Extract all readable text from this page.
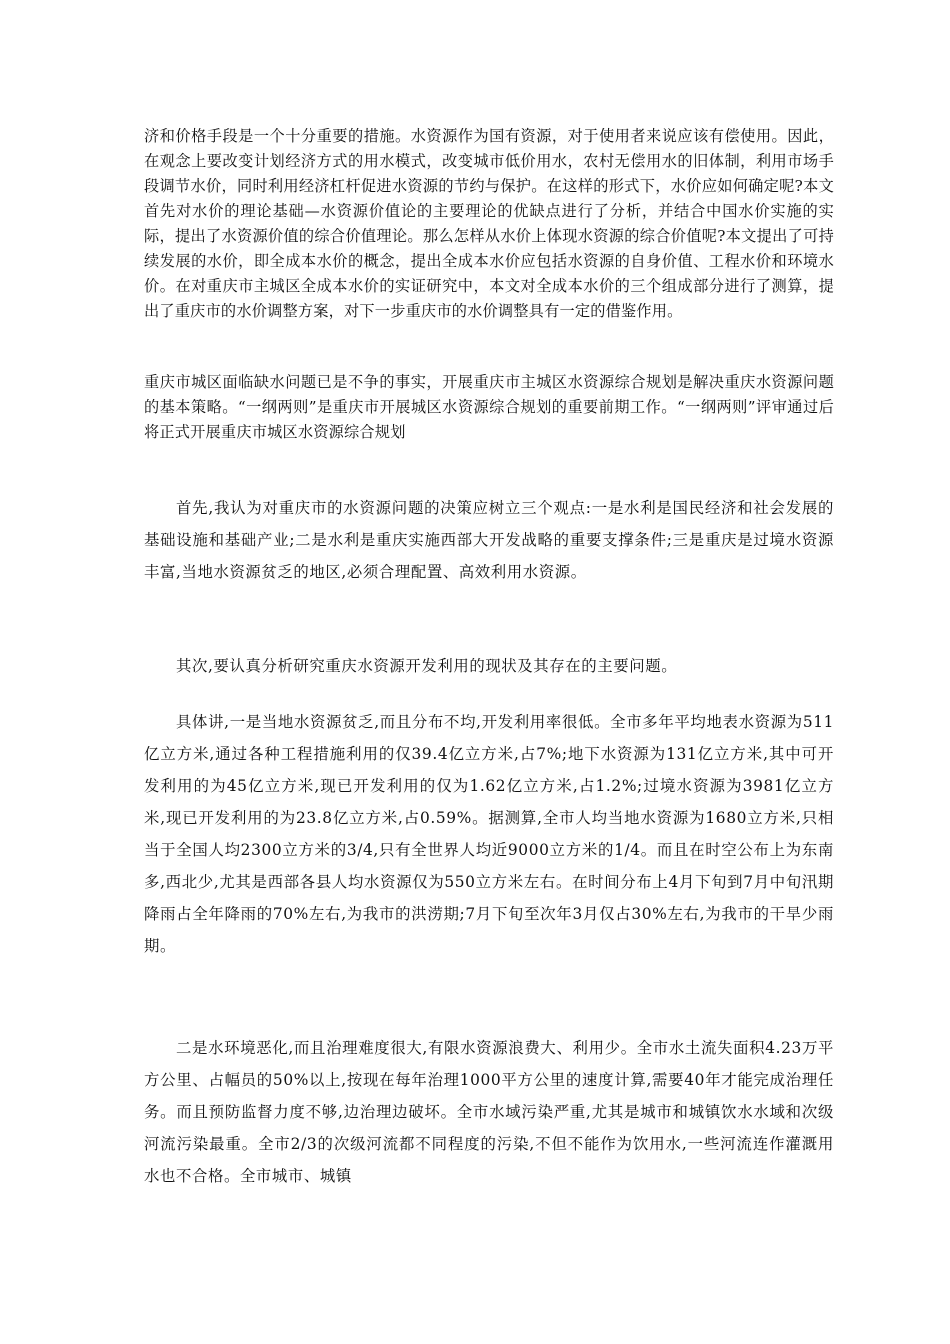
济和价格手段是一个十分重要的措施。水资源作为国有资源，对于使用者来说应该有偿使用。因此，在观念上要改变计划经济方式的用水模式，改变城市低价用水，农村无偿用水的旧体制，利用市场手段调节水价，同时利用经济杠杆促进水资源的节约与保护。在这样的形式下，水价应如何确定呢?本文首先对水价的理论基础—水资源价值论的主要理论的优缺点进行了分析，并结合中国水价实施的实际，提出了水资源价值的综合价值理论。那么怎样从水价上体现水资源的综合价值呢?本文提出了可持续发展的水价，即全成本水价的概念，提出全成本水价应包括水资源的自身价值、工程水价和环境水价。在对重庆市主城区全成本水价的实证研究中，本文对全成本水价的三个组成部分进行了测算，提出了重庆市的水价调整方案，对下一步重庆市的水价调整具有一定的借鉴作用。

重庆市城区面临缺水问题已是不争的事实，开展重庆市主城区水资源综合规划是解决重庆水资源问题的基本策略。“一纲两则”是重庆市开展城区水资源综合规划的重要前期工作。“一纲两则”评审通过后将正式开展重庆市城区水资源综合规划

首先,我认为对重庆市的水资源问题的决策应树立三个观点:一是水利是国民经济和社会发展的基础设施和基础产业;二是水利是重庆实施西部大开发战略的重要支撑条件;三是重庆是过境水资源丰富,当地水资源贫乏的地区,必须合理配置、高效利用水资源。

其次,要认真分析研究重庆水资源开发利用的现状及其存在的主要问题。

具体讲,一是当地水资源贫乏,而且分布不均,开发利用率很低。全市多年平均地表水资源为511亿立方米,通过各种工程措施利用的仅39.4亿立方米,占7%;地下水资源为131亿立方米,其中可开发利用的为45亿立方米,现已开发利用的仅为1.62亿立方米,占1.2%;过境水资源为3981亿立方米,现已开发利用的为23.8亿立方米,占0.59%。据测算,全市人均当地水资源为1680立方米,只相当于全国人均2300立方米的3/4,只有全世界人均近9000立方米的1/4。而且在时空公布上为东南多,西北少,尤其是西部各县人均水资源仅为550立方米左右。在时间分布上4月下旬到7月中旬汛期降雨占全年降雨的70%左右,为我市的洪涝期;7月下旬至次年3月仅占30%左右,为我市的干旱少雨期。

二是水环境恶化,而且治理难度很大,有限水资源浪费大、利用少。全市水土流失面积4.23万平方公里、占幅员的50%以上,按现在每年治理1000平方公里的速度计算,需要40年才能完成治理任务。而且预防监督力度不够,边治理边破坏。全市水域污染严重,尤其是城市和城镇饮水水域和次级河流污染最重。全市2/3的次级河流都不同程度的污染,不但不能作为饮用水,一些河流连作灌溉用水也不合格。全市城市、城镇
